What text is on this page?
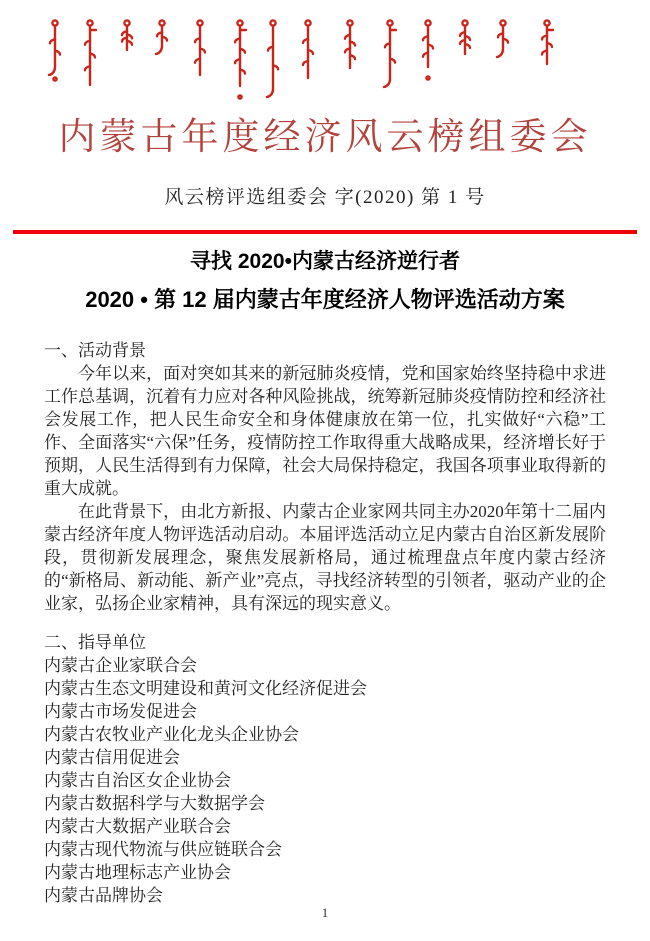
内蒙古年度经济风云榜组委会
风云榜评选组委会 字(2020) 第 1 号
寻找 2020•内蒙古经济逆行者
2020 • 第 12 届内蒙古年度经济人物评选活动方案
一、活动背景

今年以来，面对突如其来的新冠肺炎疫情，党和国家始终坚持稳中求进工作总基调，沉着有力应对各种风险挑战，统筹新冠肺炎疫情防控和经济社会发展工作，把人民生命安全和身体健康放在第一位，扎实做好“六稳”工作、全面落实“六保”任务，疫情防控工作取得重大战略成果，经济增长好于预期，人民生活得到有力保障，社会大局保持稳定，我国各项事业取得新的重大成就。

在此背景下，由北方新报、内蒙古企业家网共同主办2020年第十二届内蒙古经济年度人物评选活动启动。本届评选活动立足内蒙古自治区新发展阶段，贯彻新发展理念，聚焦发展新格局，通过梳理盘点年度内蒙古经济的“新格局、新动能、新产业”亮点，寻找经济转型的引领者，驱动产业的企业家，弘扬企业家精神，具有深远的现实意义。

二、指导单位
内蒙古企业家联合会
内蒙古生态文明建设和黄河文化经济促进会
内蒙古市场发促进会
内蒙古农牧业产业化龙头企业协会
内蒙古信用促进会
内蒙古自治区女企业协会
内蒙古数据科学与大数据学会
内蒙古大数据产业联合会
内蒙古现代物流与供应链联合会
内蒙古地理标志产业协会
内蒙古品牌协会
1
